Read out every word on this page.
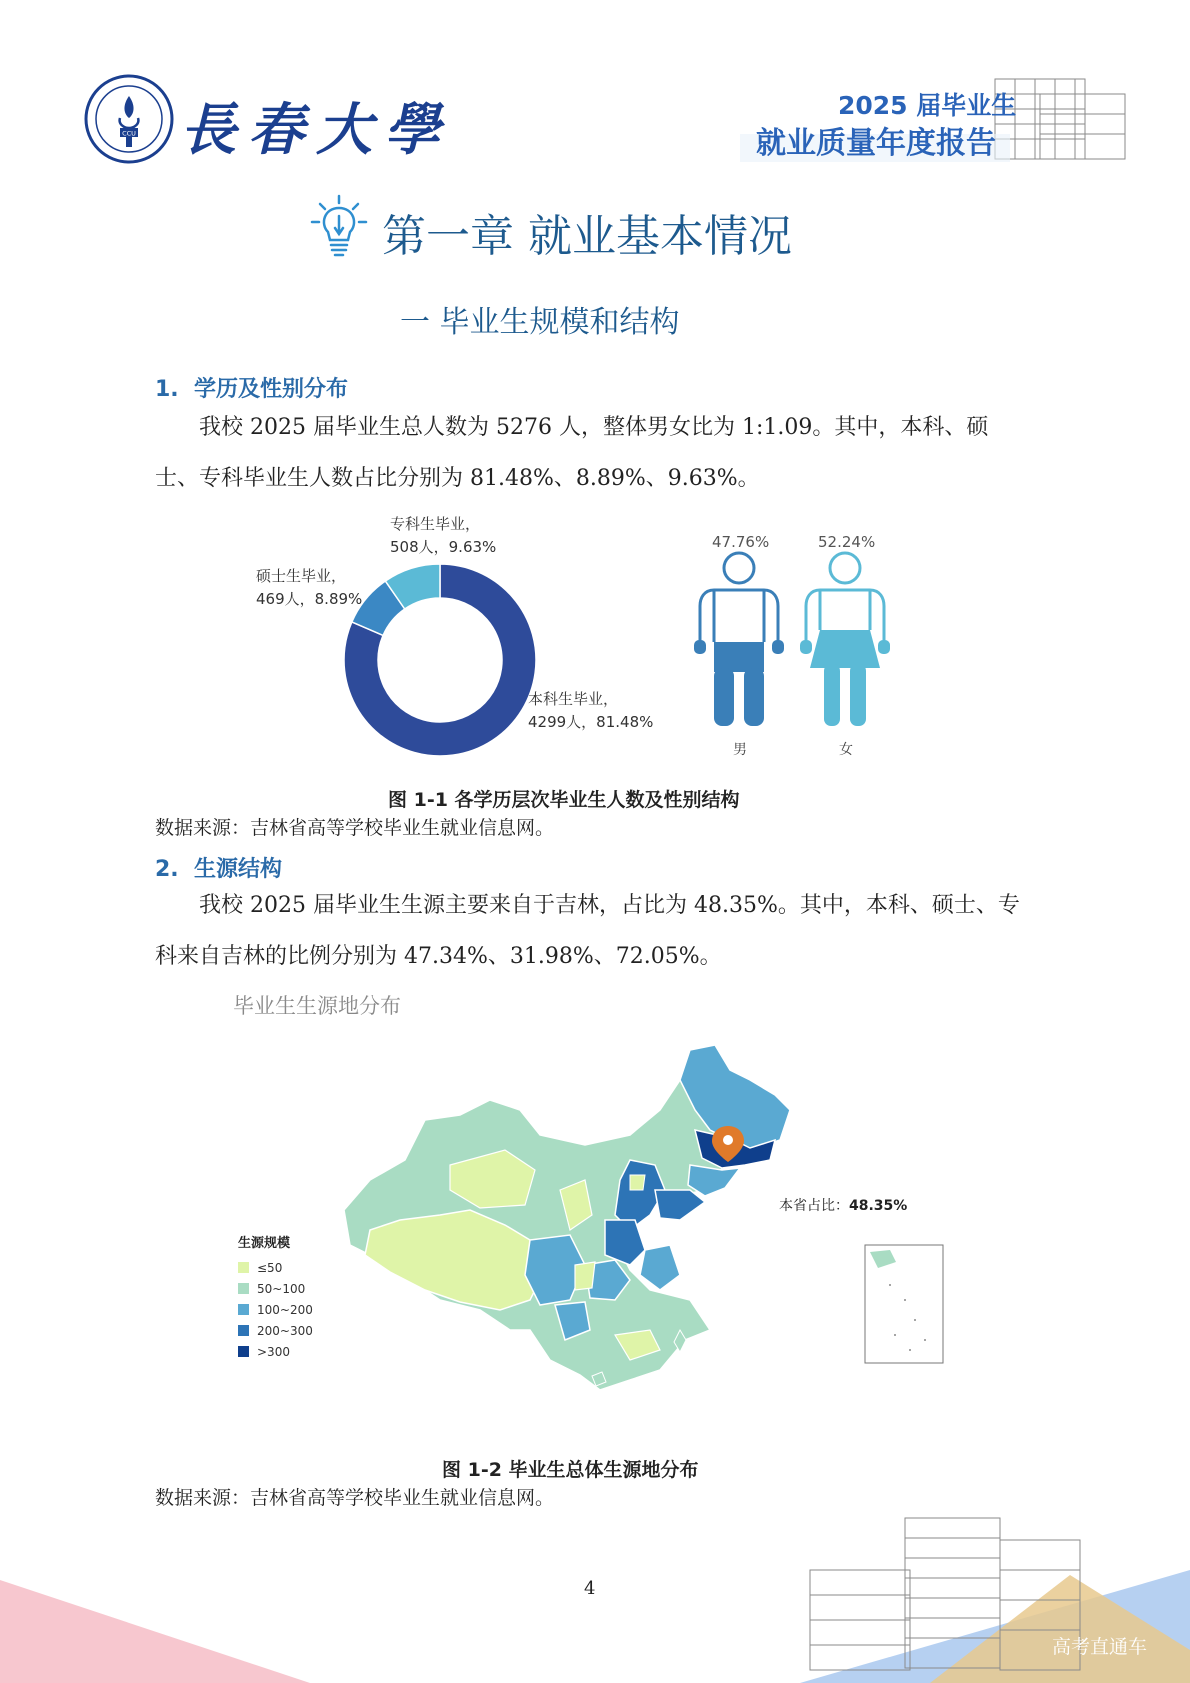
CCU 長春大學	2025 届毕业生
就业质量年度报告
第一章 就业基本情况
一 毕业生规模和结构
1. 学历及性别分布
我校 2025 届毕业生总人数为 5276 人，整体男女比为 1:1.09。其中，本科、硕士、专科毕业生人数占比分别为 81.48%、8.89%、9.63%。
专科生毕业，
508人，9.63%
硕士生毕业，
469人，8.89%
本科生毕业，
4299人，81.48%
47.76%	52.24%
男	女
图 1-1 各学历层次毕业生人数及性别结构
数据来源：吉林省高等学校毕业生就业信息网。
2. 生源结构
我校 2025 届毕业生生源主要来自于吉林，占比为 48.35%。其中，本科、硕士、专科来自吉林的比例分别为 47.34%、31.98%、72.05%。
毕业生生源地分布
生源规模
≤50
50~100
100~200
200~300
>300
本省占比：48.35%
图 1-2 毕业生总体生源地分布
数据来源：吉林省高等学校毕业生就业信息网。
4
高考直通车
